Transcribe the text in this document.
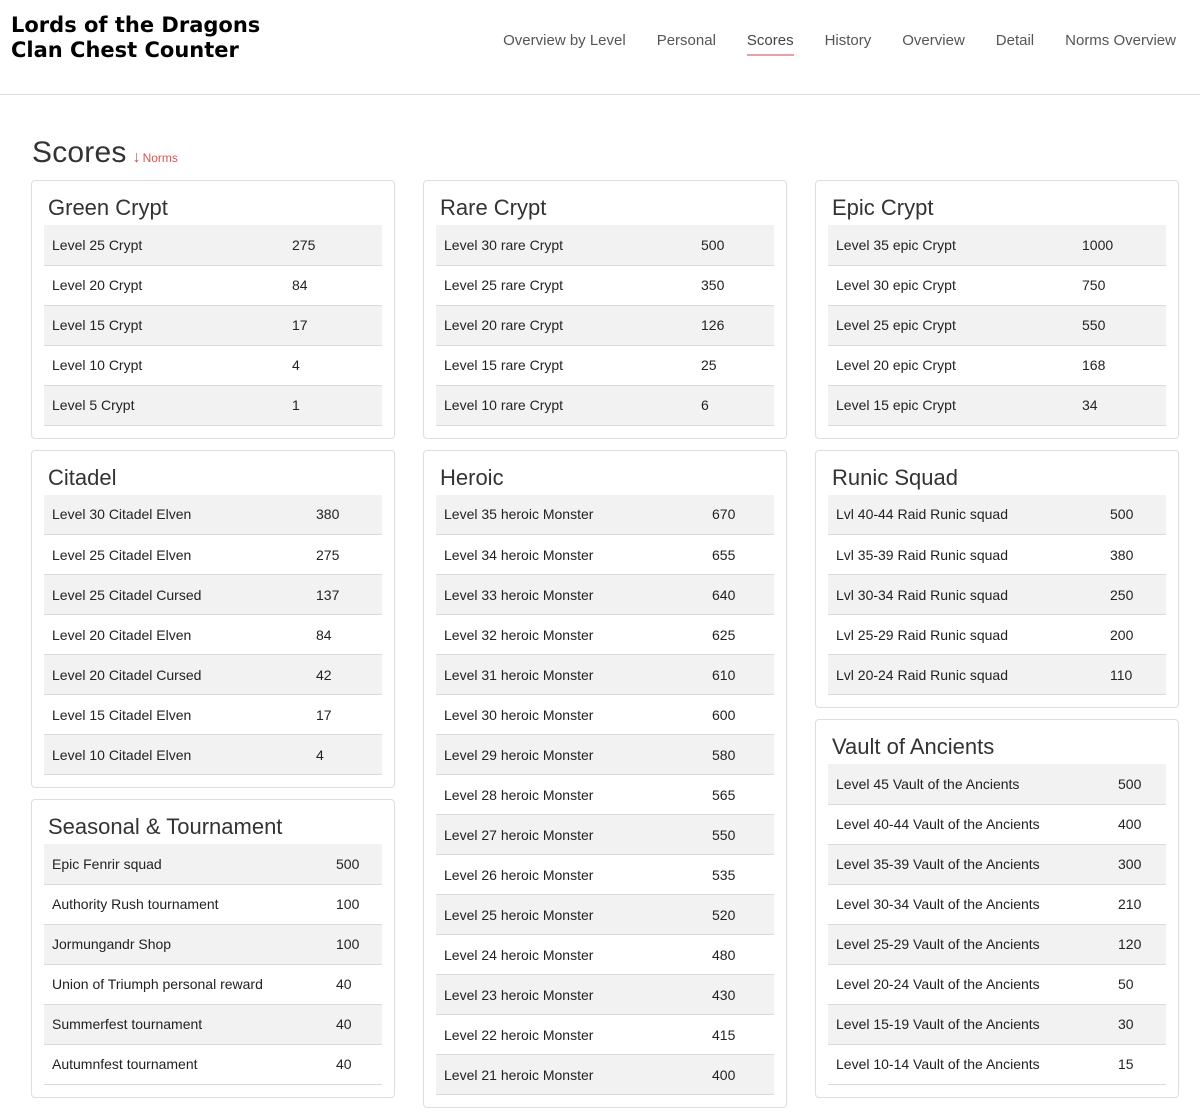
Lords of the Dragons
Clan Chest Counter	Overview by Level Personal Scores History Overview Detail Norms Overview
Scores ↓ Norms
Green Crypt
Level 25 Crypt	275
Level 20 Crypt	84
Level 15 Crypt	17
Level 10 Crypt	4
Level 5 Crypt	1
Citadel
Level 30 Citadel Elven	380
Level 25 Citadel Elven	275
Level 25 Citadel Cursed	137
Level 20 Citadel Elven	84
Level 20 Citadel Cursed	42
Level 15 Citadel Elven	17
Level 10 Citadel Elven	4
Seasonal & Tournament
Epic Fenrir squad	500
Authority Rush tournament	100
Jormungandr Shop	100
Union of Triumph personal reward	40
Summerfest tournament	40
Autumnfest tournament	40
Rare Crypt
Level 30 rare Crypt	500
Level 25 rare Crypt	350
Level 20 rare Crypt	126
Level 15 rare Crypt	25
Level 10 rare Crypt	6
Heroic
Level 35 heroic Monster	670
Level 34 heroic Monster	655
Level 33 heroic Monster	640
Level 32 heroic Monster	625
Level 31 heroic Monster	610
Level 30 heroic Monster	600
Level 29 heroic Monster	580
Level 28 heroic Monster	565
Level 27 heroic Monster	550
Level 26 heroic Monster	535
Level 25 heroic Monster	520
Level 24 heroic Monster	480
Level 23 heroic Monster	430
Level 22 heroic Monster	415
Level 21 heroic Monster	400
Epic Crypt
Level 35 epic Crypt	1000
Level 30 epic Crypt	750
Level 25 epic Crypt	550
Level 20 epic Crypt	168
Level 15 epic Crypt	34
Runic Squad
Lvl 40-44 Raid Runic squad	500
Lvl 35-39 Raid Runic squad	380
Lvl 30-34 Raid Runic squad	250
Lvl 25-29 Raid Runic squad	200
Lvl 20-24 Raid Runic squad	110
Vault of Ancients
Level 45 Vault of the Ancients	500
Level 40-44 Vault of the Ancients	400
Level 35-39 Vault of the Ancients	300
Level 30-34 Vault of the Ancients	210
Level 25-29 Vault of the Ancients	120
Level 20-24 Vault of the Ancients	50
Level 15-19 Vault of the Ancients	30
Level 10-14 Vault of the Ancients	15
